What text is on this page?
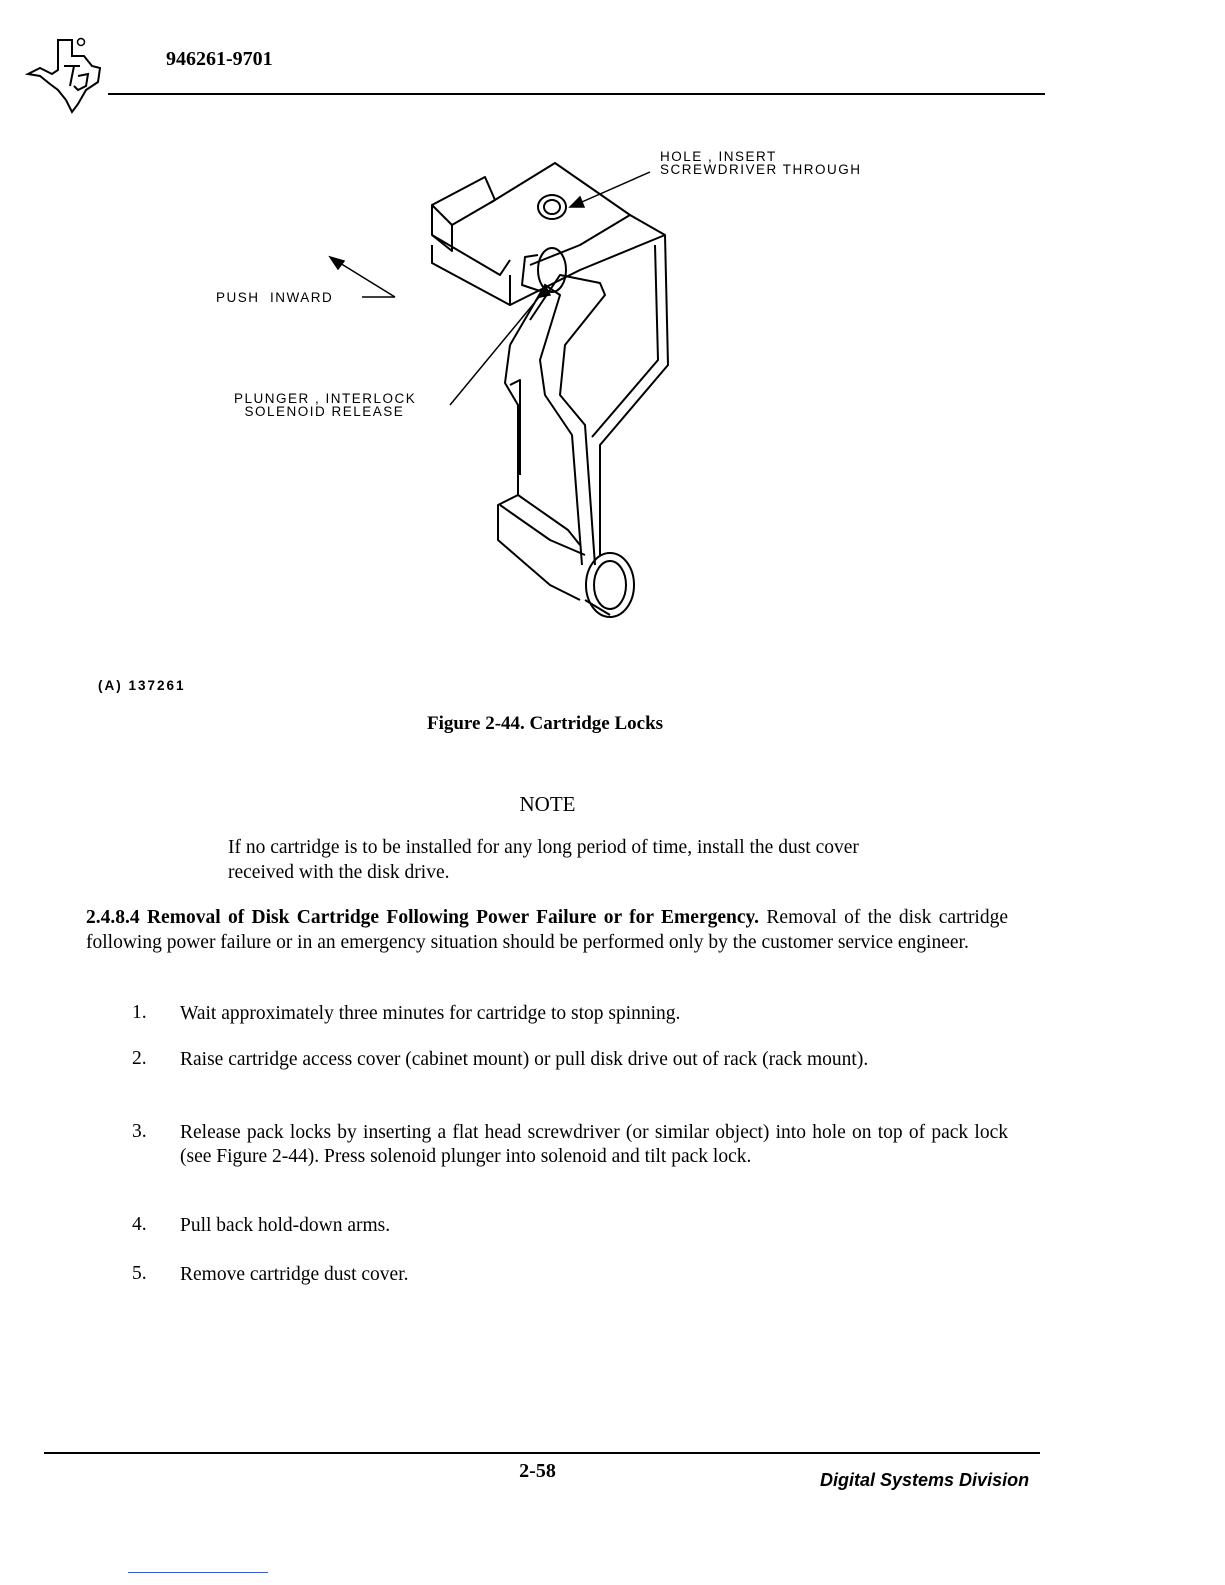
946261-9701
HOLE , INSERT
SCREWDRIVER THROUGH
PUSH  INWARD
PLUNGER , INTERLOCK
SOLENOID RELEASE
(A) 137261
Figure 2-44. Cartridge Locks
NOTE
If no cartridge is to be installed for any long period of time, install the dust cover received with the disk drive.
2.4.8.4 Removal of Disk Cartridge Following Power Failure or for Emergency. Removal of the disk cartridge following power failure or in an emergency situation should be performed only by the customer service engineer.
1. Wait approximately three minutes for cartridge to stop spinning.
2. Raise cartridge access cover (cabinet mount) or pull disk drive out of rack (rack mount).
3. Release pack locks by inserting a flat head screwdriver (or similar object) into hole on top of pack lock (see Figure 2-44). Press solenoid plunger into solenoid and tilt pack lock.
4. Pull back hold-down arms.
5. Remove cartridge dust cover.
2-58	Digital Systems Division
